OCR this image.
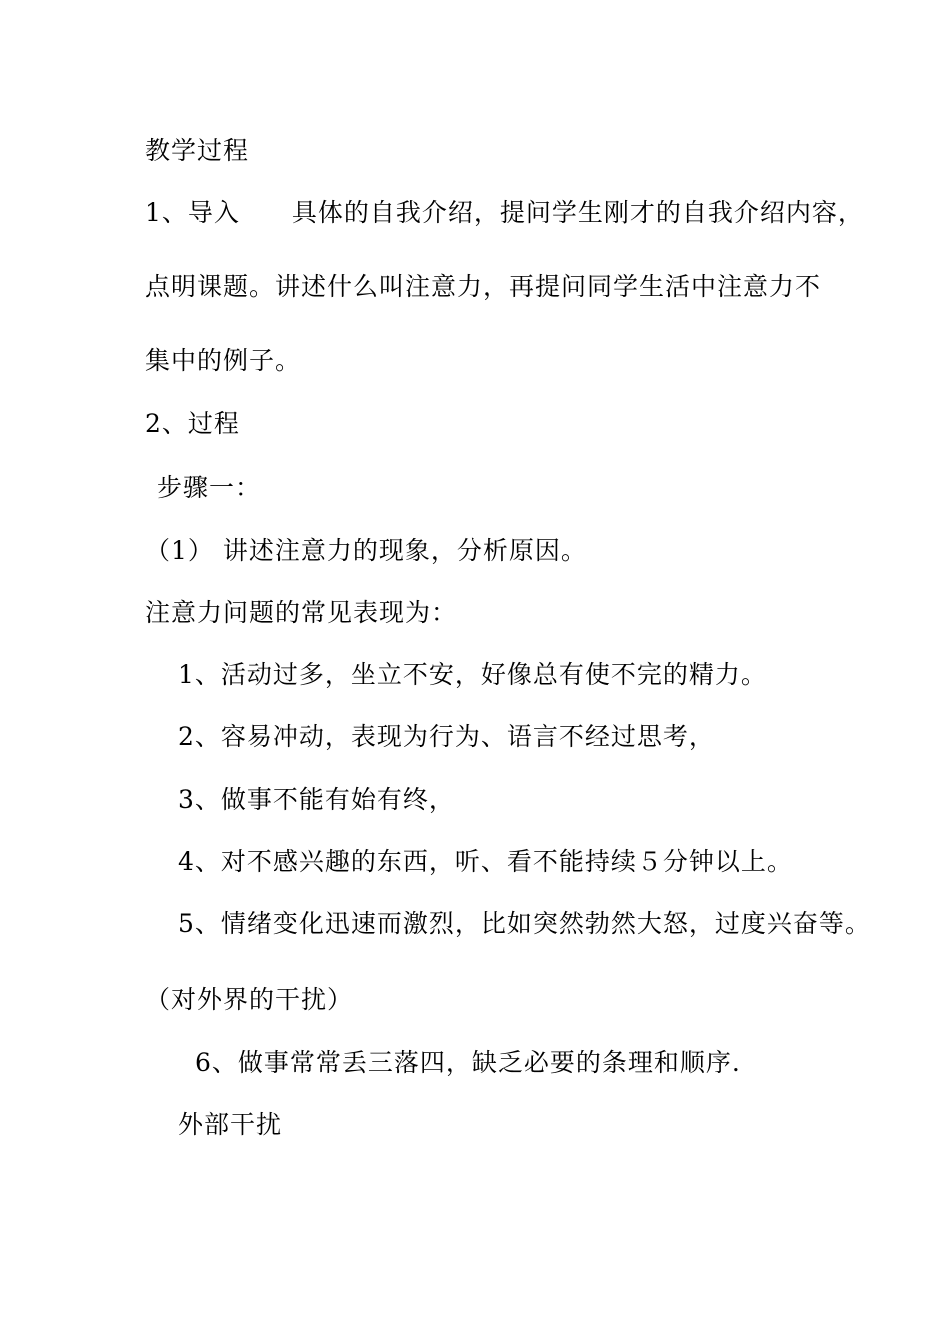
教学过程
1、导入 具体的自我介绍，提问学生刚才的自我介绍内容，
点明课题。讲述什么叫注意力，再提问同学生活中注意力不
集中的例子。
2、过程
步骤一：
（1） 讲述注意力的现象，分析原因。
注意力问题的常见表现为：
1、活动过多，坐立不安，好像总有使不完的精力。
2、容易冲动，表现为行为、语言不经过思考，
3、做事不能有始有终，
4、对不感兴趣的东西，听、看不能持续５分钟以上。
5、情绪变化迅速而激烈，比如突然勃然大怒，过度兴奋等。
（对外界的干扰）
6、做事常常丢三落四，缺乏必要的条理和顺序.
外部干扰
